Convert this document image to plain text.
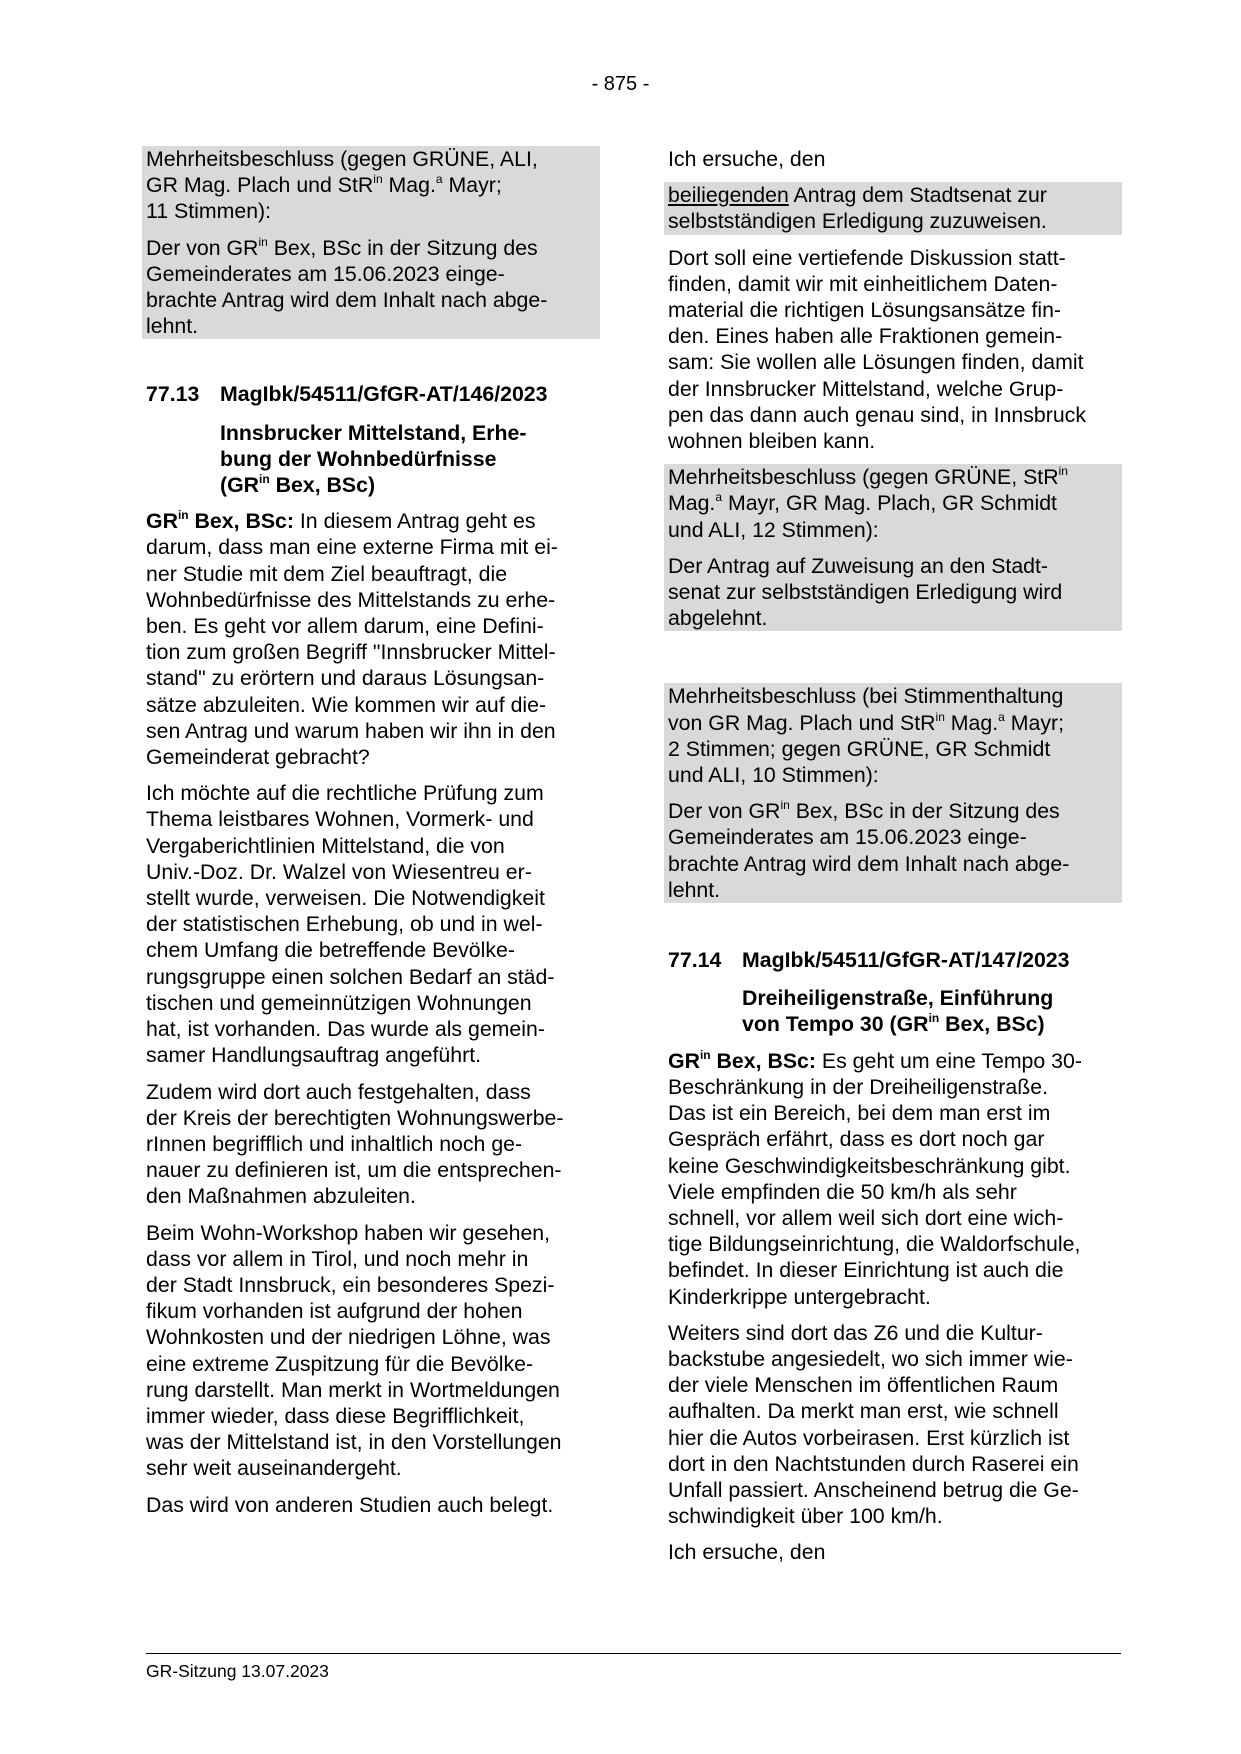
- 875 -

Mehrheitsbeschluss (gegen GRÜNE, ALI,
GR Mag. Plach und StR$^{in}$ Mag.$^a$ Mayr;
11 Stimmen):

Der von $GR^{in}$ Bex, BSc in der Sitzung des
Gemeinderates am 15.06.2023 einge-
brachte Antrag wird dem Inhalt nach abge-
lehnt.

77.13 MagIbk/54511/GfGR-AT/146/2023
Innsbrucker Mittelstand, Erhe-
bung der Wohnbedürfnisse
($GR^{in}$ Bex, BSc)

$GR^{in}$ Bex, BSc: In diesem Antrag geht es
darum, dass man eine externe Firma mit ei-
ner Studie mit dem Ziel beauftragt, die
Wohnbedürfnisse des Mittelstands zu erhe-
ben. Es geht vor allem darum, eine Defini-
tion zum großen Begriff "Innsbrucker Mittel-
stand" zu erörtern und daraus Lösungsan-
sätze abzuleiten. Wie kommen wir auf die-
sen Antrag und warum haben wir ihn in den
Gemeinderat gebracht?

Ich möchte auf die rechtliche Prüfung zum
Thema leistbares Wohnen, Vormerk- und
Vergaberichtlinien Mittelstand, die von
Univ.-Doz. Dr. Walzel von Wiesentreu er-
stellt wurde, verweisen. Die Notwendigkeit
der statistischen Erhebung, ob und in wel-
chem Umfang die betreffende Bevölke-
rungsgruppe einen solchen Bedarf an städ-
tischen und gemeinnützigen Wohnungen
hat, ist vorhanden. Das wurde als gemein-
samer Handlungsauftrag angeführt.

Zudem wird dort auch festgehalten, dass
der Kreis der berechtigten Wohnungswerbe-
rInnen begrifflich und inhaltlich noch ge-
nauer zu definieren ist, um die entsprechen-
den Maßnahmen abzuleiten.

Beim Wohn-Workshop haben wir gesehen,
dass vor allem in Tirol, und noch mehr in
der Stadt Innsbruck, ein besonderes Spezi-
fikum vorhanden ist aufgrund der hohen
Wohnkosten und der niedrigen Löhne, was
eine extreme Zuspitzung für die Bevölke-
rung darstellt. Man merkt in Wortmeldungen
immer wieder, dass diese Begrifflichkeit,
was der Mittelstand ist, in den Vorstellungen
sehr weit auseinandergeht.

Das wird von anderen Studien auch belegt.

Ich ersuche, den

beiliegenden Antrag dem Stadtsenat zur
selbstständigen Erledigung zuzuweisen.

Dort soll eine vertiefende Diskussion statt-
finden, damit wir mit einheitlichem Daten-
material die richtigen Lösungsansätze fin-
den. Eines haben alle Fraktionen gemein-
sam: Sie wollen alle Lösungen finden, damit
der Innsbrucker Mittelstand, welche Grup-
pen das dann auch genau sind, in Innsbruck
wohnen bleiben kann.

Mehrheitsbeschluss (gegen GRÜNE, StR$^{in}$
Mag.$^a$ Mayr, GR Mag. Plach, GR Schmidt
und ALI, 12 Stimmen):

Der Antrag auf Zuweisung an den Stadt-
senat zur selbstständigen Erledigung wird
abgelehnt.

Mehrheitsbeschluss (bei Stimmenthaltung
von GR Mag. Plach und StR$^{in}$ Mag.$^a$ Mayr;
2 Stimmen; gegen GRÜNE, GR Schmidt
und ALI, 10 Stimmen):

Der von $GR^{in}$ Bex, BSc in der Sitzung des
Gemeinderates am 15.06.2023 einge-
brachte Antrag wird dem Inhalt nach abge-
lehnt.

77.14 MagIbk/54511/GfGR-AT/147/2023
Dreiheiligenstraße, Einführung
von Tempo 30 ($GR^{in}$ Bex, BSc)

$GR^{in}$ Bex, BSc: Es geht um eine Tempo 30-
Beschränkung in der Dreiheiligenstraße.
Das ist ein Bereich, bei dem man erst im
Gespräch erfährt, dass es dort noch gar
keine Geschwindigkeitsbeschränkung gibt.
Viele empfinden die 50 km/h als sehr
schnell, vor allem weil sich dort eine wich-
tige Bildungseinrichtung, die Waldorfschule,
befindet. In dieser Einrichtung ist auch die
Kinderkrippe untergebracht.

Weiters sind dort das Z6 und die Kultur-
backstube angesiedelt, wo sich immer wie-
der viele Menschen im öffentlichen Raum
aufhalten. Da merkt man erst, wie schnell
hier die Autos vorbeirasen. Erst kürzlich ist
dort in den Nachtstunden durch Raserei ein
Unfall passiert. Anscheinend betrug die Ge-
schwindigkeit über 100 km/h.

Ich ersuche, den

GR-Sitzung 13.07.2023
